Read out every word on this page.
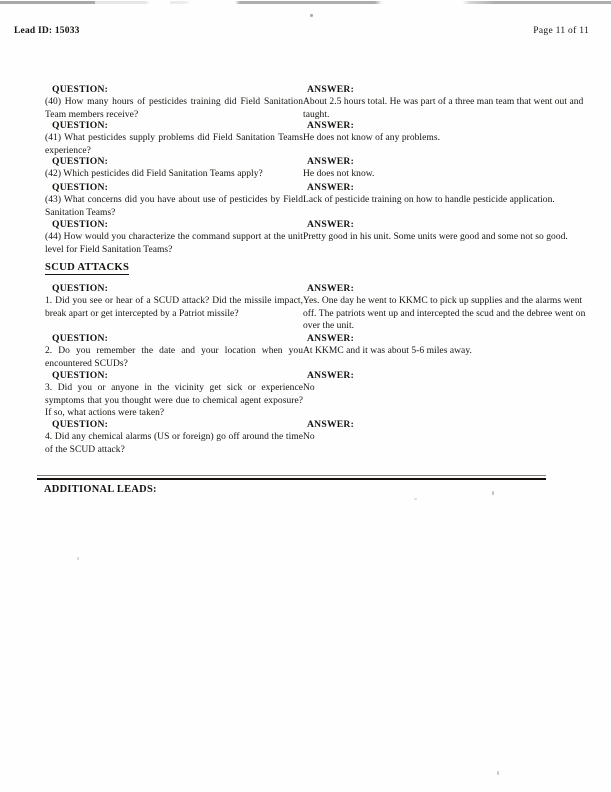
Lead ID: 15033	Page 11 of 11
QUESTION:
(40) How many hours of pesticides training did Field Sanitation Team members receive?
ANSWER:
About 2.5 hours total. He was part of a three man team that went out and taught.
QUESTION:
(41) What pesticides supply problems did Field Sanitation Teams experience?
ANSWER:
He does not know of any problems.
QUESTION:
(42) Which pesticides did Field Sanitation Teams apply?
ANSWER:
He does not know.
QUESTION:
(43) What concerns did you have about use of pesticides by Field Sanitation Teams?
ANSWER:
Lack of pesticide training on how to handle pesticide application.
QUESTION:
(44) How would you characterize the command support at the unit level for Field Sanitation Teams?
ANSWER:
Pretty good in his unit. Some units were good and some not so good.
SCUD ATTACKS
QUESTION:
1. Did you see or hear of a SCUD attack? Did the missile impact, break apart or get intercepted by a Patriot missile?
ANSWER:
Yes. One day he went to KKMC to pick up supplies and the alarms went off. The patriots went up and intercepted the scud and the debree went on over the unit.
QUESTION:
2. Do you remember the date and your location when you encountered SCUDs?
ANSWER:
At KKMC and it was about 5-6 miles away.
QUESTION:
3. Did you or anyone in the vicinity get sick or experience symptoms that you thought were due to chemical agent exposure? If so, what actions were taken?
ANSWER:
No
QUESTION:
4. Did any chemical alarms (US or foreign) go off around the time of the SCUD attack?
ANSWER:
No
ADDITIONAL LEADS:
